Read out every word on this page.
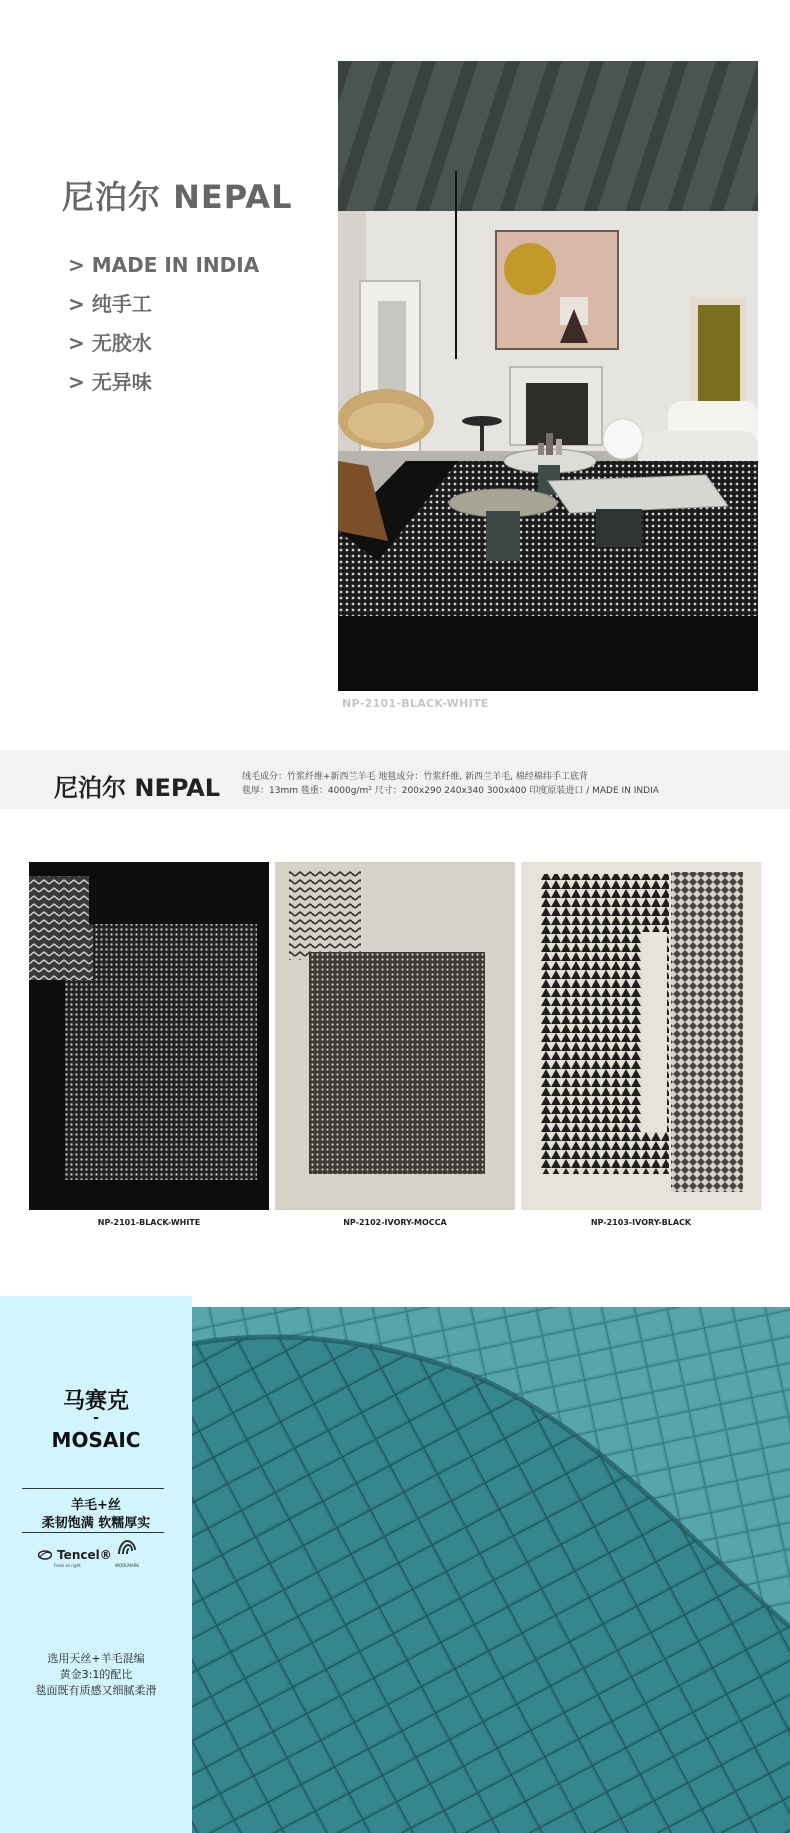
尼泊尔 NEPAL
> MADE IN INDIA
> 纯手工
> 无胶水
> 无异味
NP-2101-BLACK-WHITE
尼泊尔 NEPAL 绒毛成分：竹浆纤维+新西兰羊毛 地毯成分：竹浆纤维, 新西兰羊毛, 棉经棉纬手工底背
毯厚：13mm 毯重：4000g/m² 尺寸：200x290 240x340 300x400 印度原装进口 / MADE IN INDIA
NP-2101-BLACK-WHITE	NP-2102-IVORY-MOCCA	NP-2103-IVORY-BLACK
马赛克
-
MOSAIC
羊毛+丝
柔韧饱满 软糯厚实
Tencel®
Feels so right	WOOLMARK
选用天丝+羊毛混编
黄金3:1的配比
毯面既有质感又细腻柔滑
